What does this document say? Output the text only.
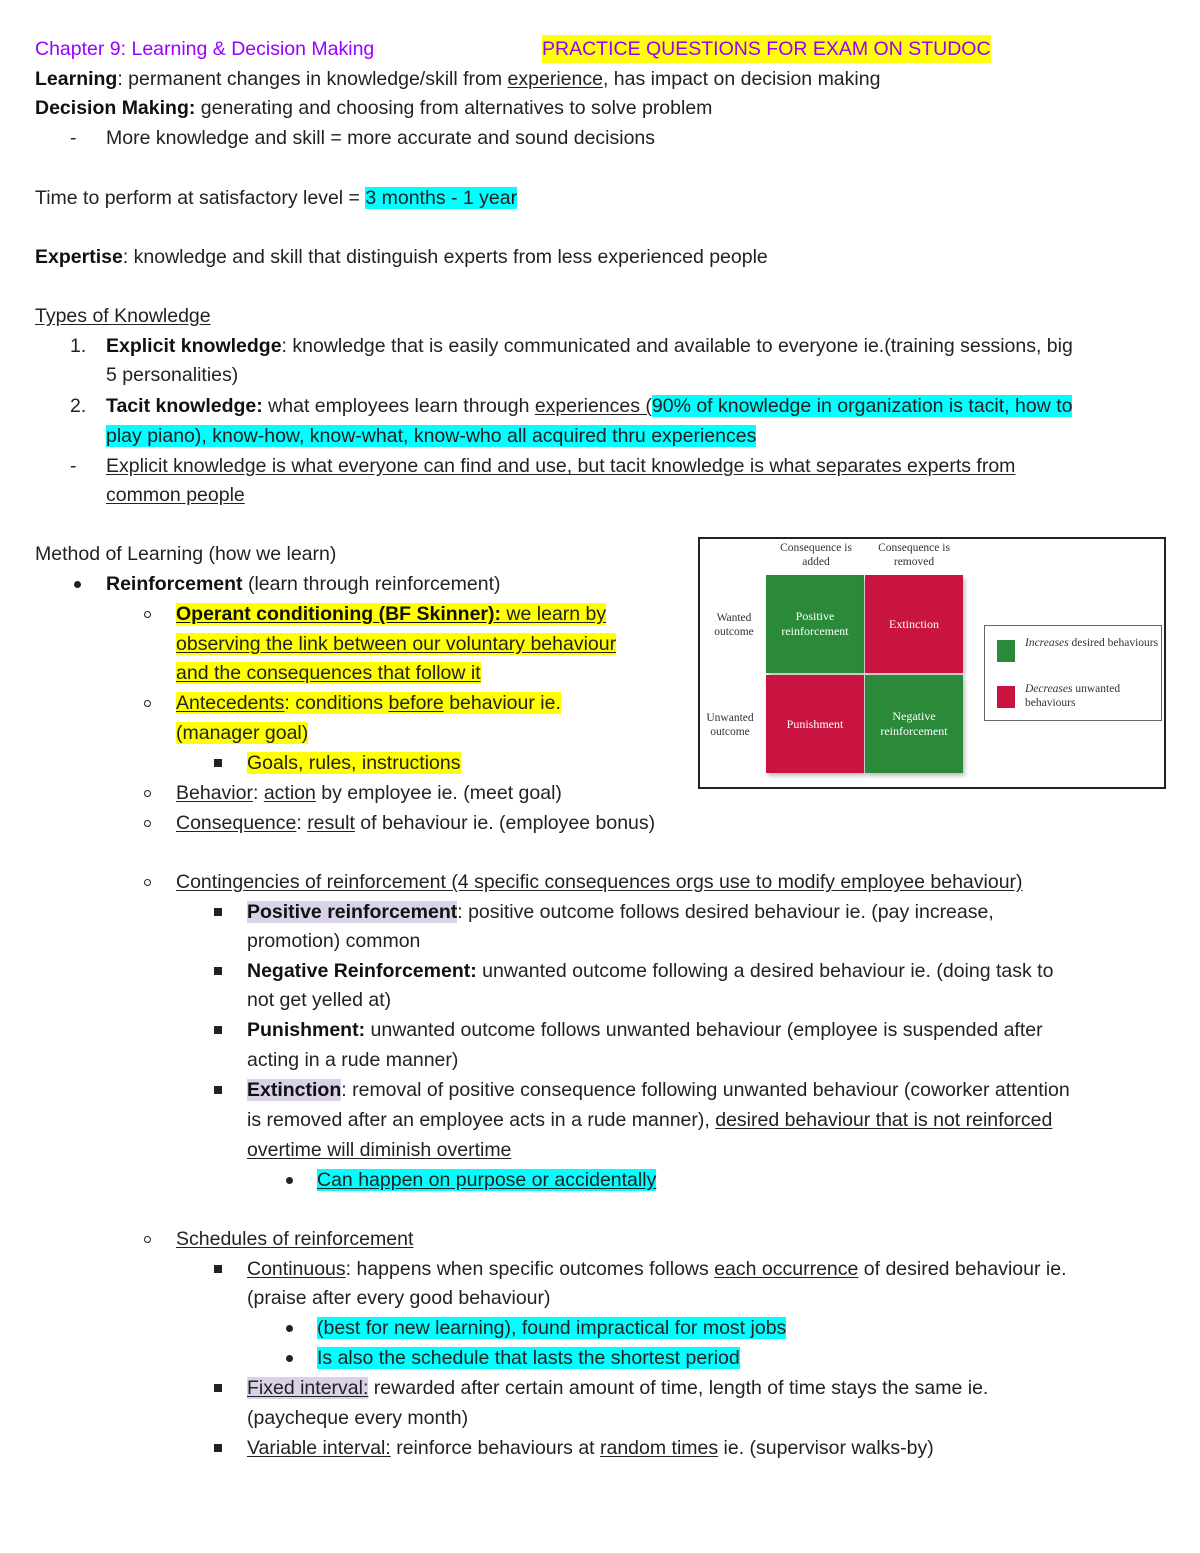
Chapter 9: Learning & Decision Making	PRACTICE QUESTIONS FOR EXAM ON STUDOC
Learning: permanent changes in knowledge/skill from experience, has impact on decision making
Decision Making: generating and choosing from alternatives to solve problem
- More knowledge and skill = more accurate and sound decisions
Time to perform at satisfactory level = 3 months - 1 year
Expertise: knowledge and skill that distinguish experts from less experienced people
Types of Knowledge
1. Explicit knowledge: knowledge that is easily communicated and available to everyone ie.(training sessions, big
5 personalities)
2. Tacit knowledge: what employees learn through experiences (90% of knowledge in organization is tacit, how to
play piano), know-how, know-what, know-who all acquired thru experiences
- Explicit knowledge is what everyone can find and use, but tacit knowledge is what separates experts from
common people
Method of Learning (how we learn)
Reinforcement (learn through reinforcement)
Operant conditioning (BF Skinner): we learn by
observing the link between our voluntary behaviour
and the consequences that follow it
Antecedents: conditions before behaviour ie.
(manager goal)
Goals, rules, instructions
Behavior: action by employee ie. (meet goal)
Consequence: result of behaviour ie. (employee bonus)
Contingencies of reinforcement (4 specific consequences orgs use to modify employee behaviour)
Positive reinforcement: positive outcome follows desired behaviour ie. (pay increase,
promotion) common
Negative Reinforcement: unwanted outcome following a desired behaviour ie. (doing task to
not get yelled at)
Punishment: unwanted outcome follows unwanted behaviour (employee is suspended after
acting in a rude manner)
Extinction: removal of positive consequence following unwanted behaviour (coworker attention
is removed after an employee acts in a rude manner), desired behaviour that is not reinforced
overtime will diminish overtime
Can happen on purpose or accidentally
Schedules of reinforcement
Continuous: happens when specific outcomes follows each occurrence of desired behaviour ie.
(praise after every good behaviour)
(best for new learning), found impractical for most jobs
Is also the schedule that lasts the shortest period
Fixed interval: rewarded after certain amount of time, length of time stays the same ie.
(paycheque every month)
Variable interval: reinforce behaviours at random times ie. (supervisor walks-by)
Consequence is added
Consequence is removed
Wanted outcome
Unwanted outcome
Positive reinforcement
Extinction
Punishment
Negative reinforcement
Increases desired behaviours
Decreases unwanted behaviours
